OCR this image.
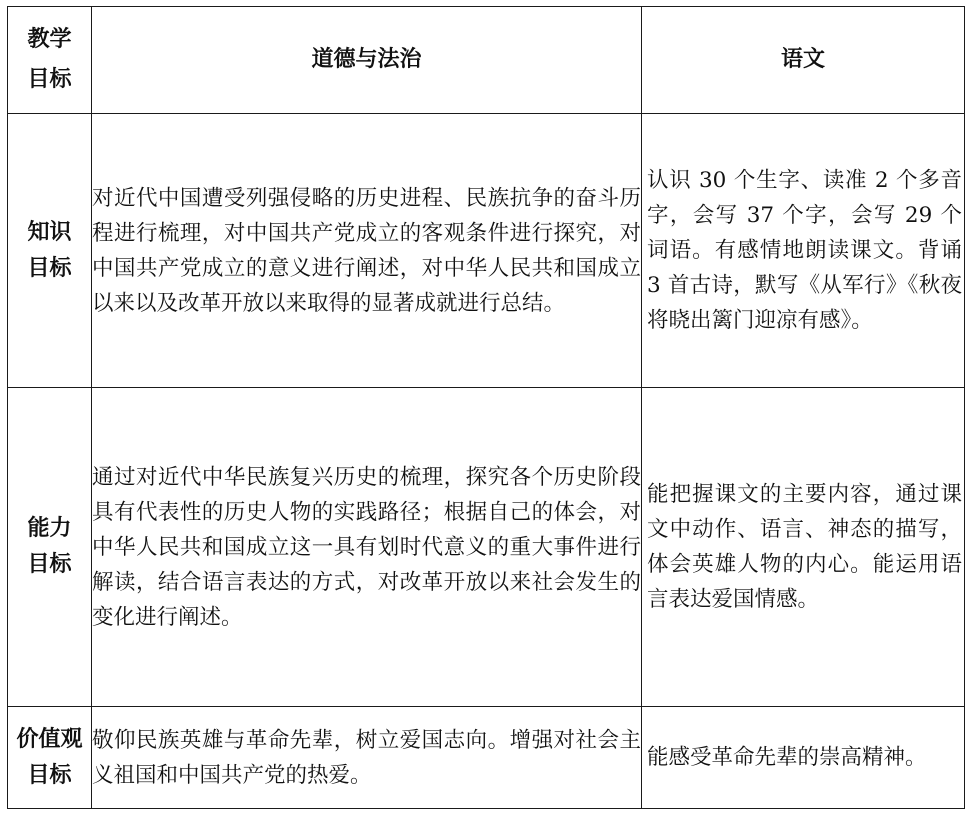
教学
目标	道德与法治	语文

知识
目标	对近代中国遭受列强侵略的历史进程、民族抗争的奋斗历程进行梳理，对中国共产党成立的客观条件进行探究，对中国共产党成立的意义进行阐述，对中华人民共和国成立以来以及改革开放以来取得的显著成就进行总结。	认识 30 个生字、读准 2 个多音字，会写 37 个字，会写 29 个词语。有感情地朗读课文。背诵 3 首古诗，默写《从军行》《秋夜将晓出篱门迎凉有感》。

能力
目标	通过对近代中华民族复兴历史的梳理，探究各个历史阶段具有代表性的历史人物的实践路径；根据自己的体会，对中华人民共和国成立这一具有划时代意义的重大事件进行解读，结合语言表达的方式，对改革开放以来社会发生的变化进行阐述。	能把握课文的主要内容，通过课文中动作、语言、神态的描写，体会英雄人物的内心。能运用语言表达爱国情感。

价值观
目标	敬仰民族英雄与革命先辈，树立爱国志向。增强对社会主义祖国和中国共产党的热爱。	能感受革命先辈的崇高精神。
